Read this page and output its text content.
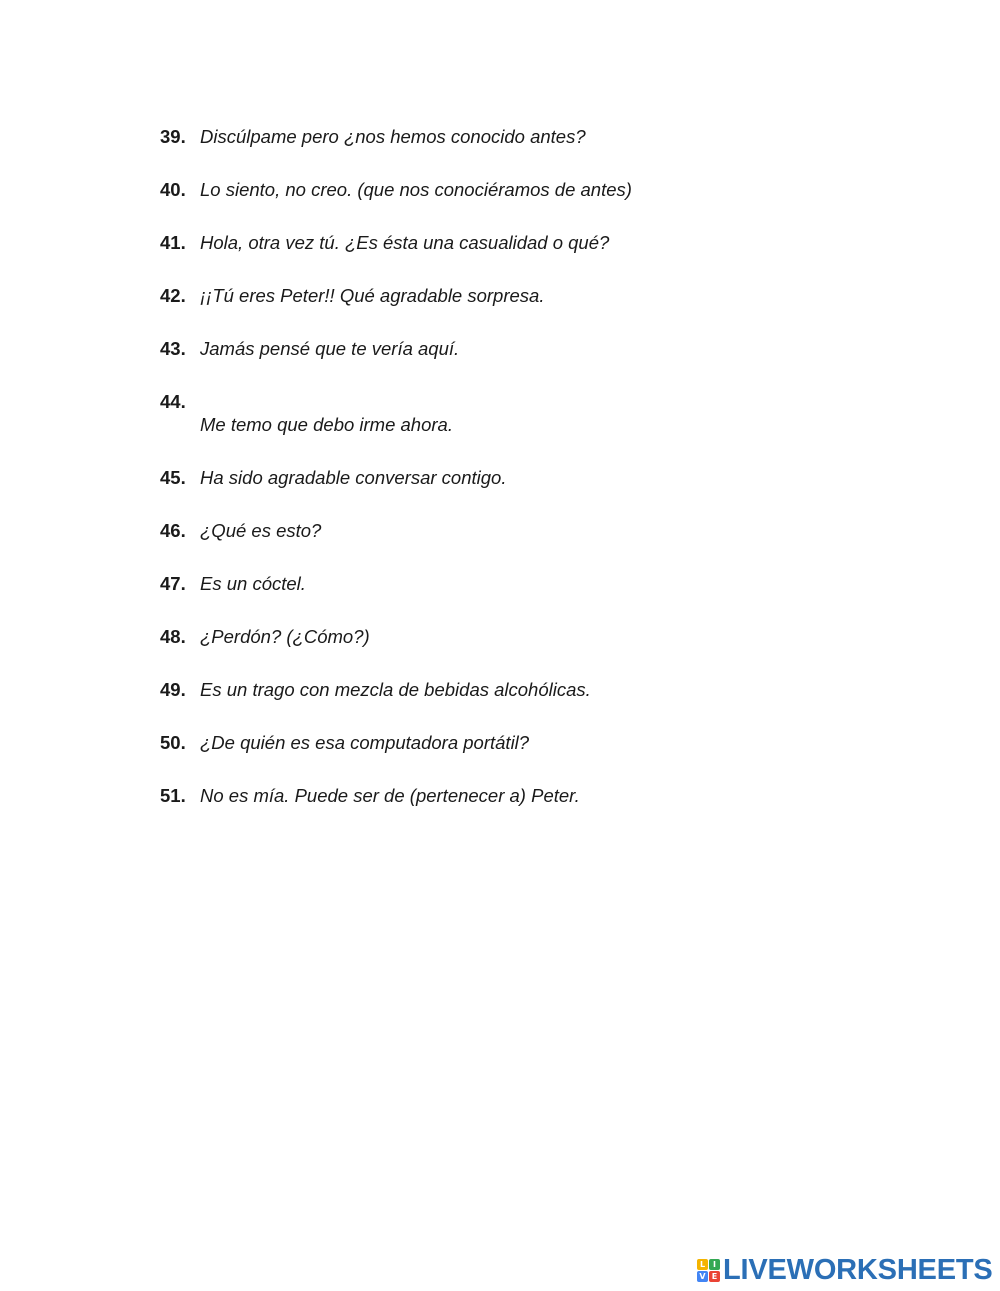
39. Discúlpame pero ¿nos hemos conocido antes?
40. Lo siento, no creo. (que nos conociéramos de antes)
41. Hola, otra vez tú. ¿Es ésta una casualidad o qué?
42. ¡¡Tú eres Peter!! Qué agradable sorpresa.
43. Jamás pensé que te vería aquí.
44.
Me temo que debo irme ahora.
45. Ha sido agradable conversar contigo.
46. ¿Qué es esto?
47. Es un cóctel.
48. ¿Perdón? (¿Cómo?)
49. Es un trago con mezcla de bebidas alcohólicas.
50. ¿De quién es esa computadora portátil?
51. No es mía. Puede ser de (pertenecer a) Peter.
L I
V E LIVEWORKSHEETS
